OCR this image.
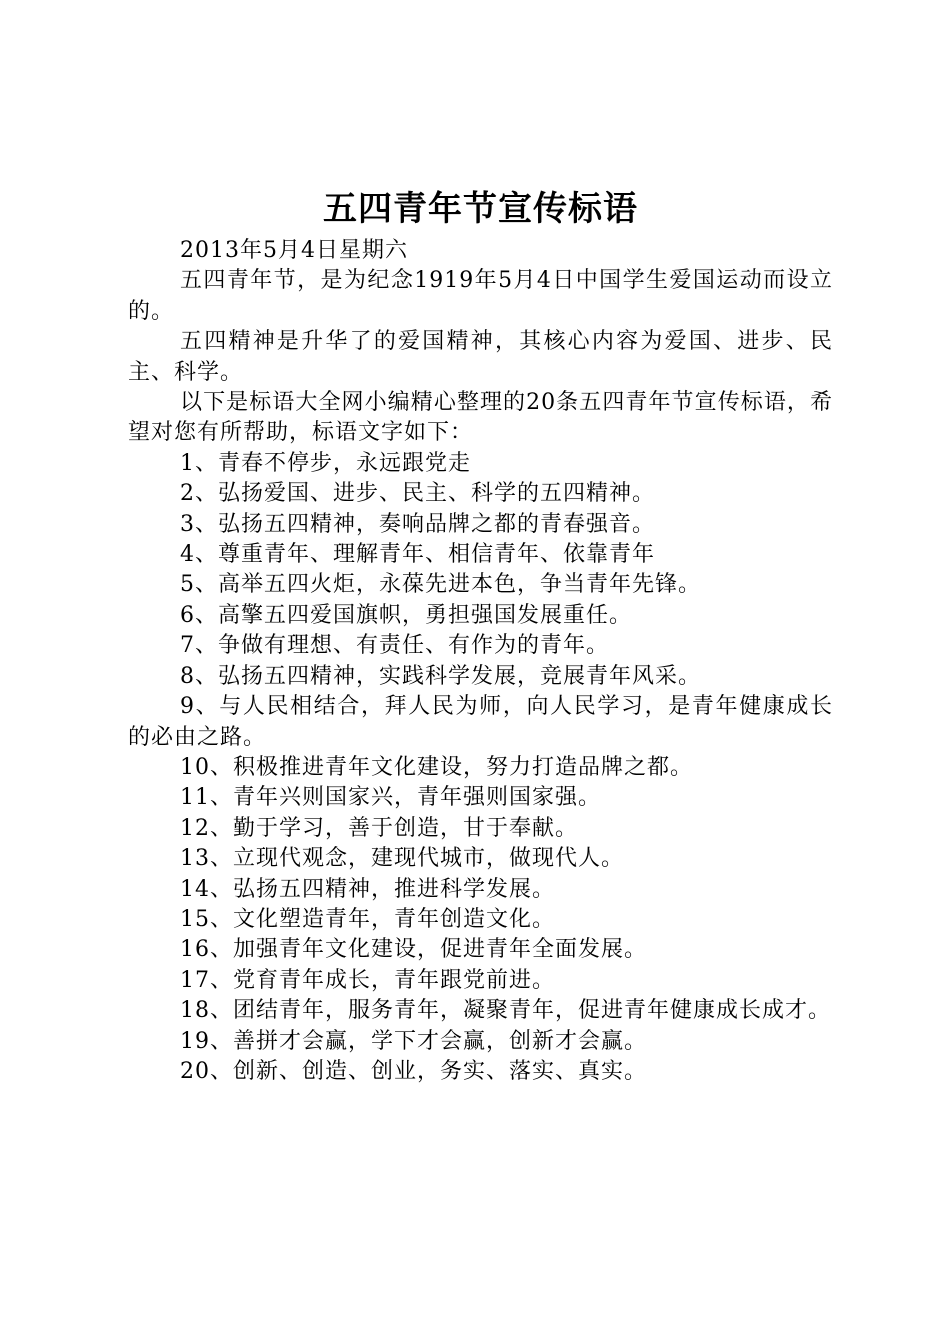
五四青年节宣传标语

2013年5月4日星期六

五四青年节，是为纪念1919年5月4日中国学生爱国运动而设立的。

五四精神是升华了的爱国精神，其核心内容为爱国、进步、民主、科学。

以下是标语大全网小编精心整理的20条五四青年节宣传标语，希望对您有所帮助，标语文字如下：

1、青春不停步，永远跟党走

2、弘扬爱国、进步、民主、科学的五四精神。

3、弘扬五四精神，奏响品牌之都的青春强音。

4、尊重青年、理解青年、相信青年、依靠青年

5、高举五四火炬，永葆先进本色，争当青年先锋。

6、高擎五四爱国旗帜，勇担强国发展重任。

7、争做有理想、有责任、有作为的青年。

8、弘扬五四精神，实践科学发展，竞展青年风采。

9、与人民相结合，拜人民为师，向人民学习，是青年健康成长的必由之路。

10、积极推进青年文化建设，努力打造品牌之都。

11、青年兴则国家兴，青年强则国家强。

12、勤于学习，善于创造，甘于奉献。

13、立现代观念，建现代城市，做现代人。

14、弘扬五四精神，推进科学发展。

15、文化塑造青年，青年创造文化。

16、加强青年文化建设，促进青年全面发展。

17、党育青年成长，青年跟党前进。

18、团结青年，服务青年，凝聚青年，促进青年健康成长成才。

19、善拼才会赢，学下才会赢，创新才会赢。

20、创新、创造、创业，务实、落实、真实。
